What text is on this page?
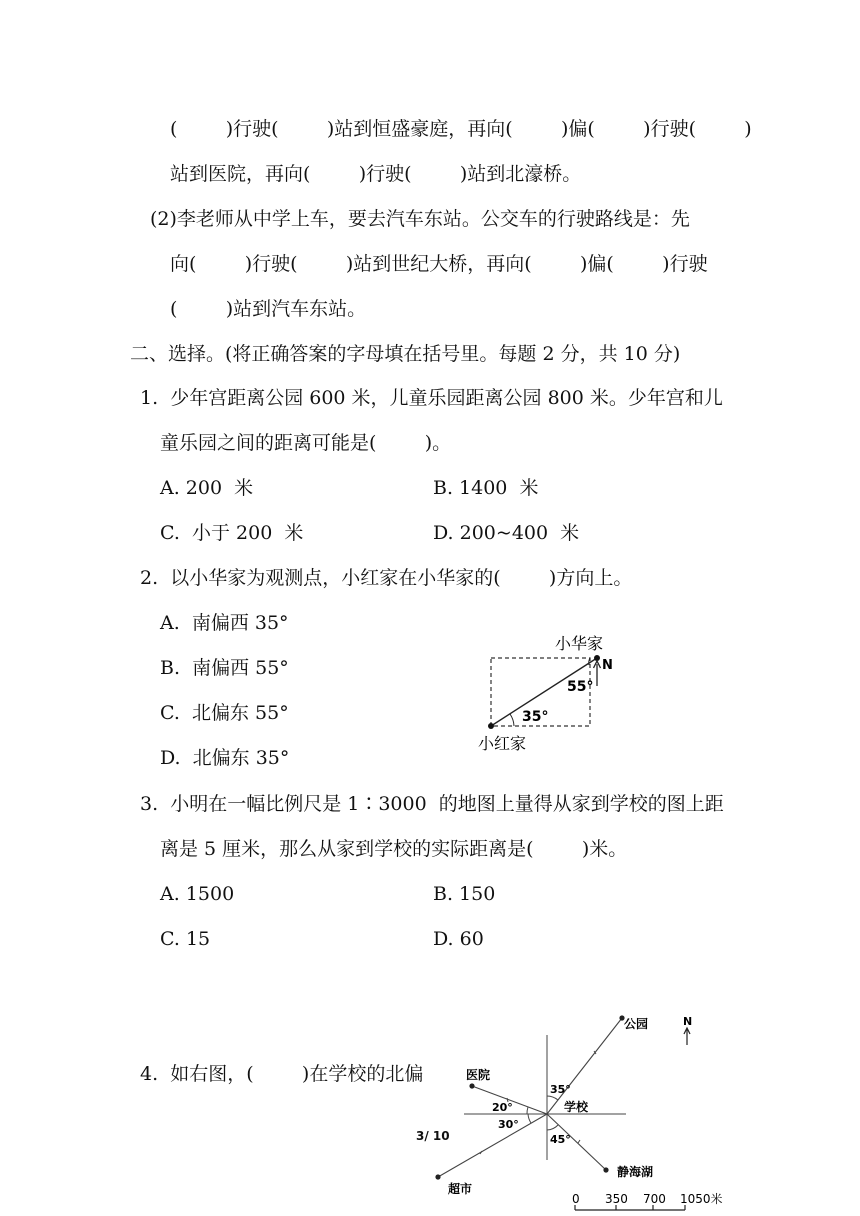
(        )行驶(        )站到恒盛豪庭，再向(        )偏(        )行驶(        )
站到医院，再向(        )行驶(        )站到北濠桥。
(2)李老师从中学上车，要去汽车东站。公交车的行驶路线是：先
向(        )行驶(        )站到世纪大桥，再向(        )偏(        )行驶
(        )站到汽车东站。
二、选择。(将正确答案的字母填在括号里。每题 2 分，共 10 分)
1.  少年宫距离公园 600 米，儿童乐园距离公园 800 米。少年宫和儿
童乐园之间的距离可能是(        )。
A. 200  米	B. 1400  米
C.  小于 200  米	D. 200~400  米
2.  以小华家为观测点，小红家在小华家的(        )方向上。
A.  南偏西 35°
B.  南偏西 55°
C.  北偏东 55°
D.  北偏东 35°
N
小华家
小红家
55°
35°
3.  小明在一幅比例尺是 1∶3000  的地图上量得从家到学校的图上距
离是 5 厘米，那么从家到学校的实际距离是(        )米。
A. 1500	B. 150
C. 15	D. 60
4.  如右图，(        )在学校的北偏
公园
医院
学校
静海湖
超市
35°
20°
30°
45°
N
0 350 700 1050米
3/ 10
